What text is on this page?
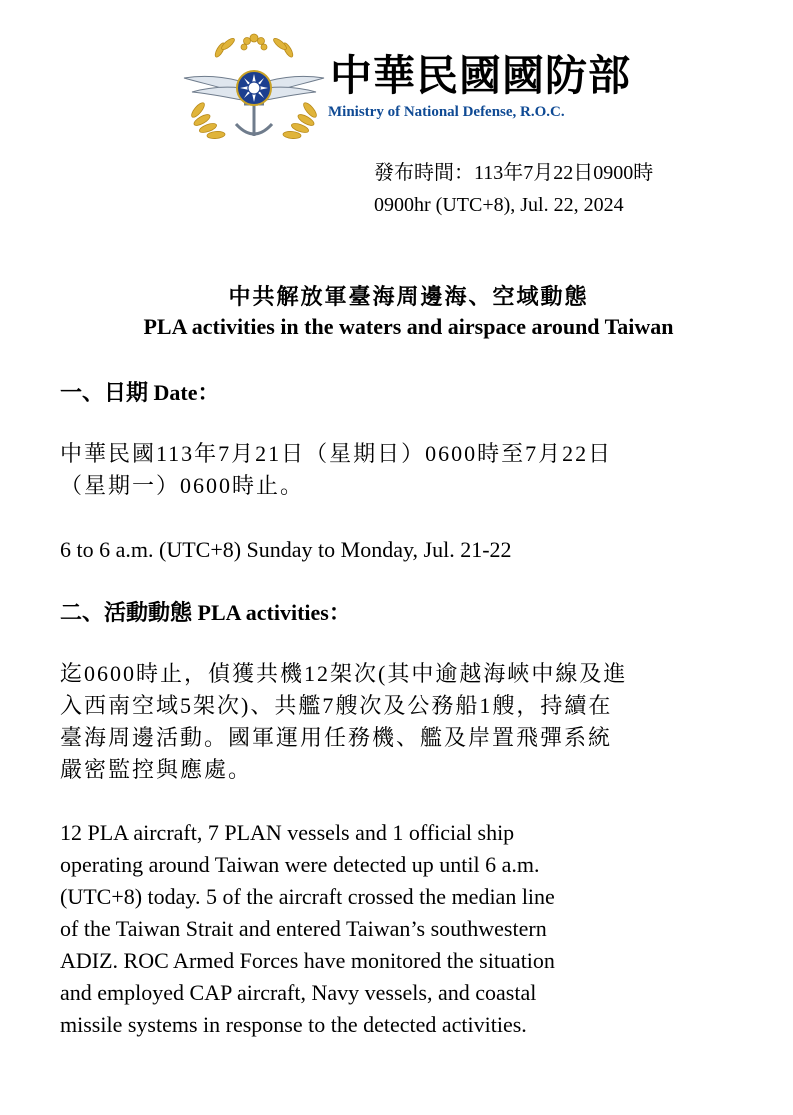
中華民國國防部
Ministry of National Defense, R.O.C.
發布時間：113年7月22日0900時
0900hr (UTC+8), Jul. 22, 2024
中共解放軍臺海周邊海、空域動態
PLA activities in the waters and airspace around Taiwan
一、日期 Date：
中華民國113年7月21日（星期日）0600時至7月22日
（星期一）0600時止。
6 to 6 a.m. (UTC+8) Sunday to Monday, Jul. 21-22
二、活動動態 PLA activities：
迄0600時止，偵獲共機12架次(其中逾越海峽中線及進
入西南空域5架次)、共艦7艘次及公務船1艘，持續在
臺海周邊活動。國軍運用任務機、艦及岸置飛彈系統
嚴密監控與應處。
12 PLA aircraft, 7 PLAN vessels and 1 official ship
operating around Taiwan were detected up until 6 a.m.
(UTC+8) today. 5 of the aircraft crossed the median line
of the Taiwan Strait and entered Taiwan’s southwestern
ADIZ. ROC Armed Forces have monitored the situation
and employed CAP aircraft, Navy vessels, and coastal
missile systems in response to the detected activities.
